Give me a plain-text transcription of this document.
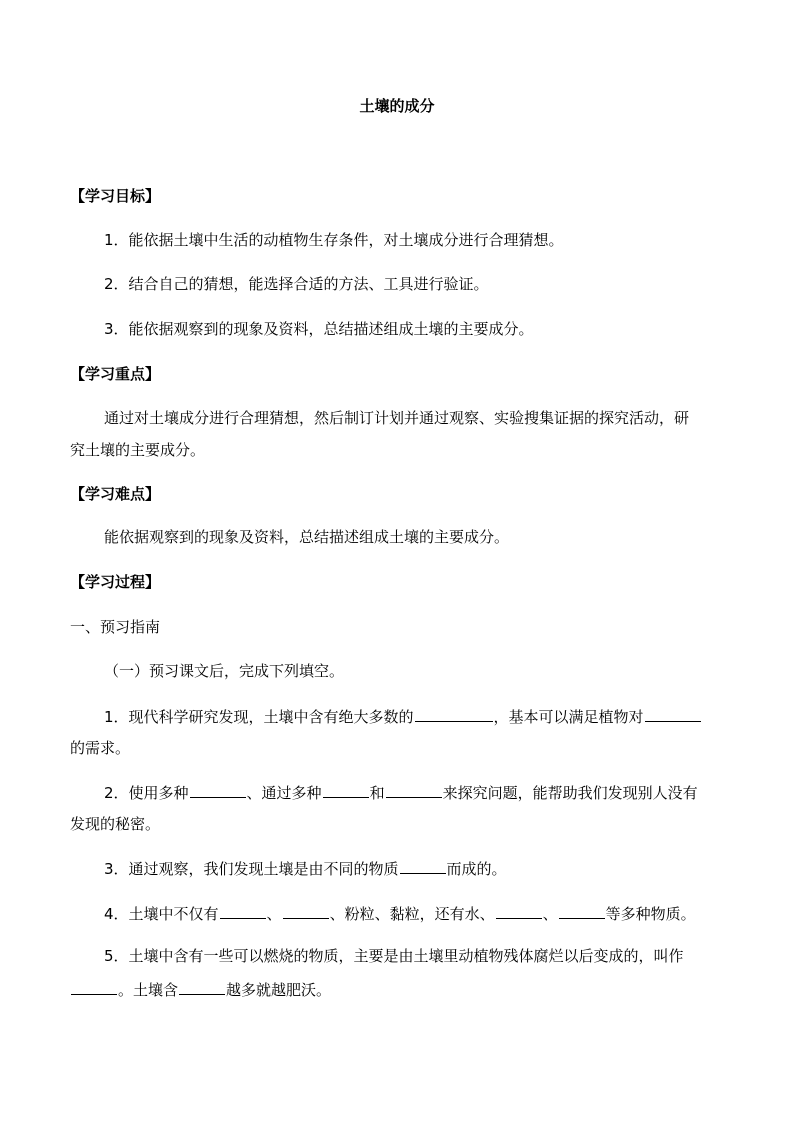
土壤的成分
【学习目标】
1．能依据土壤中生活的动植物生存条件，对土壤成分进行合理猜想。
2．结合自己的猜想，能选择合适的方法、工具进行验证。
3．能依据观察到的现象及资料，总结描述组成土壤的主要成分。
【学习重点】
通过对土壤成分进行合理猜想，然后制订计划并通过观察、实验搜集证据的探究活动，研
究土壤的主要成分。
【学习难点】
能依据观察到的现象及资料，总结描述组成土壤的主要成分。
【学习过程】
一、预习指南
（一）预习课文后，完成下列填空。
1．现代科学研究发现，土壤中含有绝大多数的	，基本可以满足植物对
的需求。
2．使用多种	、通过多种	和	来探究问题，能帮助我们发现别人没有
发现的秘密。
3．通过观察，我们发现土壤是由不同的物质	而成的。
4．土壤中不仅有	、	、粉粒、黏粒，还有水、	、	等多种物质。
5．土壤中含有一些可以燃烧的物质，主要是由土壤里动植物残体腐烂以后变成的，叫作
。土壤含	越多就越肥沃。
